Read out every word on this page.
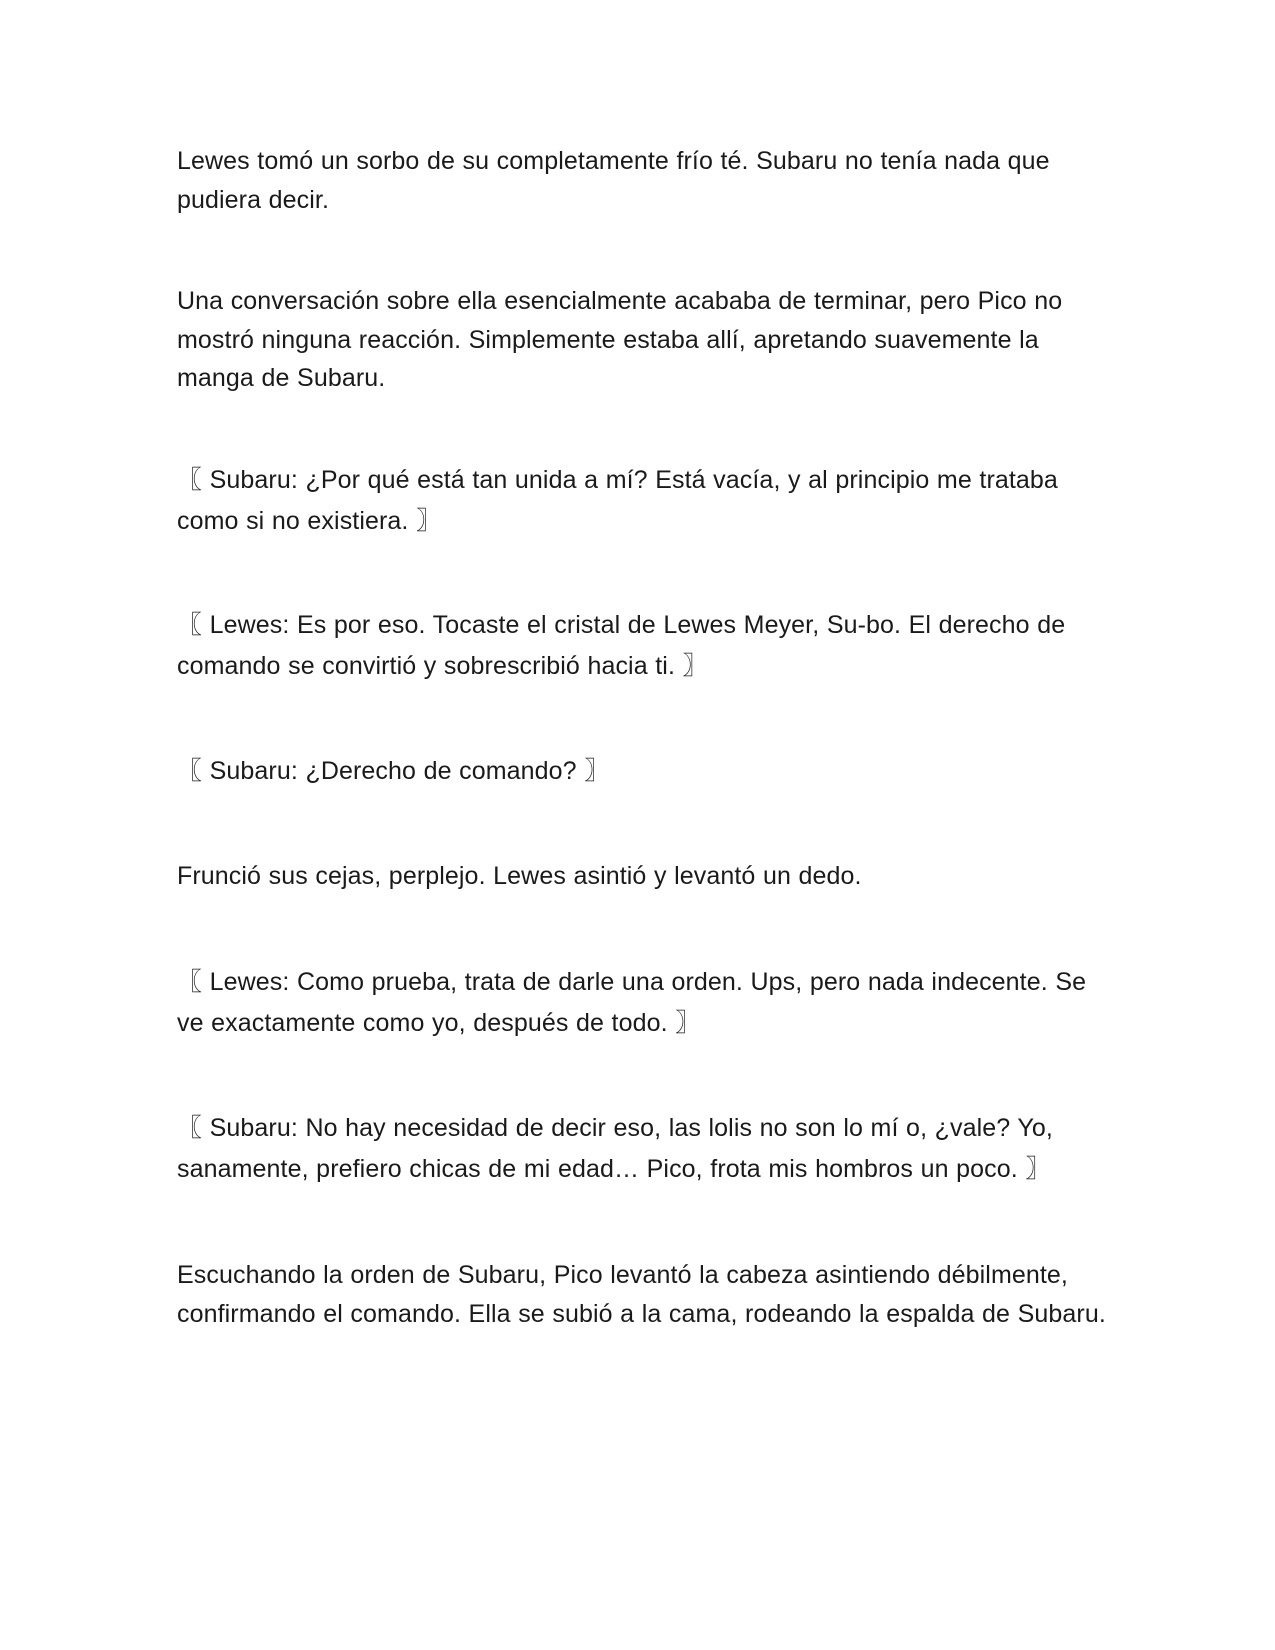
Lewes tomó un sorbo de su completamente frío té. Subaru no tenía nada que pudiera decir.

Una conversación sobre ella esencialmente acababa de terminar, pero Pico no mostró ninguna reacción. Simplemente estaba allí, apretando suavemente la manga de Subaru.

〖 Subaru: ¿Por qué está tan unida a mí? Está vacía, y al principio me trataba como si no existiera. 〗

〖 Lewes: Es por eso. Tocaste el cristal de Lewes Meyer, Su-bo. El derecho de comando se convirtió y sobrescribió hacia ti. 〗

〖 Subaru: ¿Derecho de comando? 〗

Frunció sus cejas, perplejo. Lewes asintió y levantó un dedo.

〖 Lewes: Como prueba, trata de darle una orden. Ups, pero nada indecente. Se ve exactamente como yo, después de todo. 〗

〖 Subaru: No hay necesidad de decir eso, las lolis no son lo mí o, ¿vale? Yo, sanamente, prefiero chicas de mi edad… Pico, frota mis hombros un poco. 〗

Escuchando la orden de Subaru, Pico levantó la cabeza asintiendo débilmente, confirmando el comando. Ella se subió a la cama, rodeando la espalda de Subaru.
